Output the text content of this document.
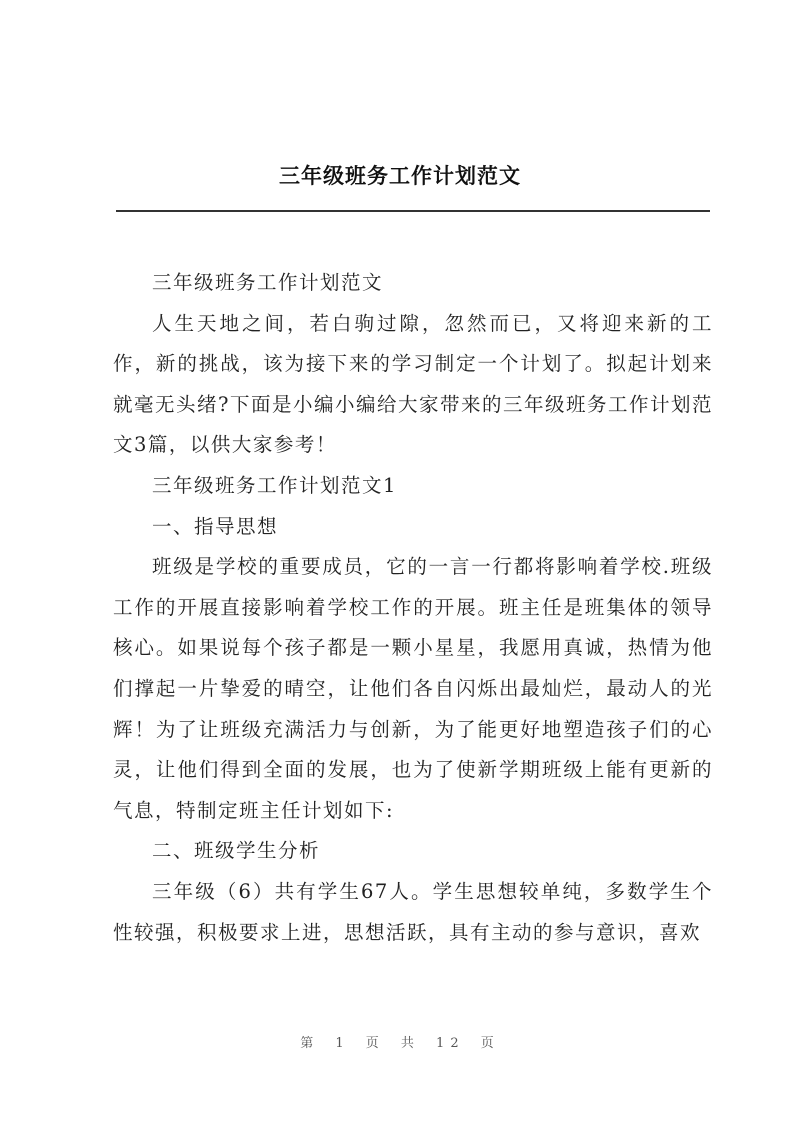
三年级班务工作计划范文

三年级班务工作计划范文

人生天地之间，若白驹过隙，忽然而已，又将迎来新的工作，新的挑战，该为接下来的学习制定一个计划了。拟起计划来就毫无头绪?下面是小编小编给大家带来的三年级班务工作计划范文3篇，以供大家参考！

三年级班务工作计划范文1

一、指导思想

班级是学校的重要成员，它的一言一行都将影响着学校.班级工作的开展直接影响着学校工作的开展。班主任是班集体的领导核心。如果说每个孩子都是一颗小星星，我愿用真诚，热情为他们撑起一片挚爱的晴空，让他们各自闪烁出最灿烂，最动人的光辉！为了让班级充满活力与创新，为了能更好地塑造孩子们的心灵，让他们得到全面的发展，也为了使新学期班级上能有更新的气息，特制定班主任计划如下:

二、班级学生分析

三年级（6）共有学生67人。学生思想较单纯，多数学生个性较强，积极要求上进，思想活跃，具有主动的参与意识，喜欢

第 1 页 共 12 页
